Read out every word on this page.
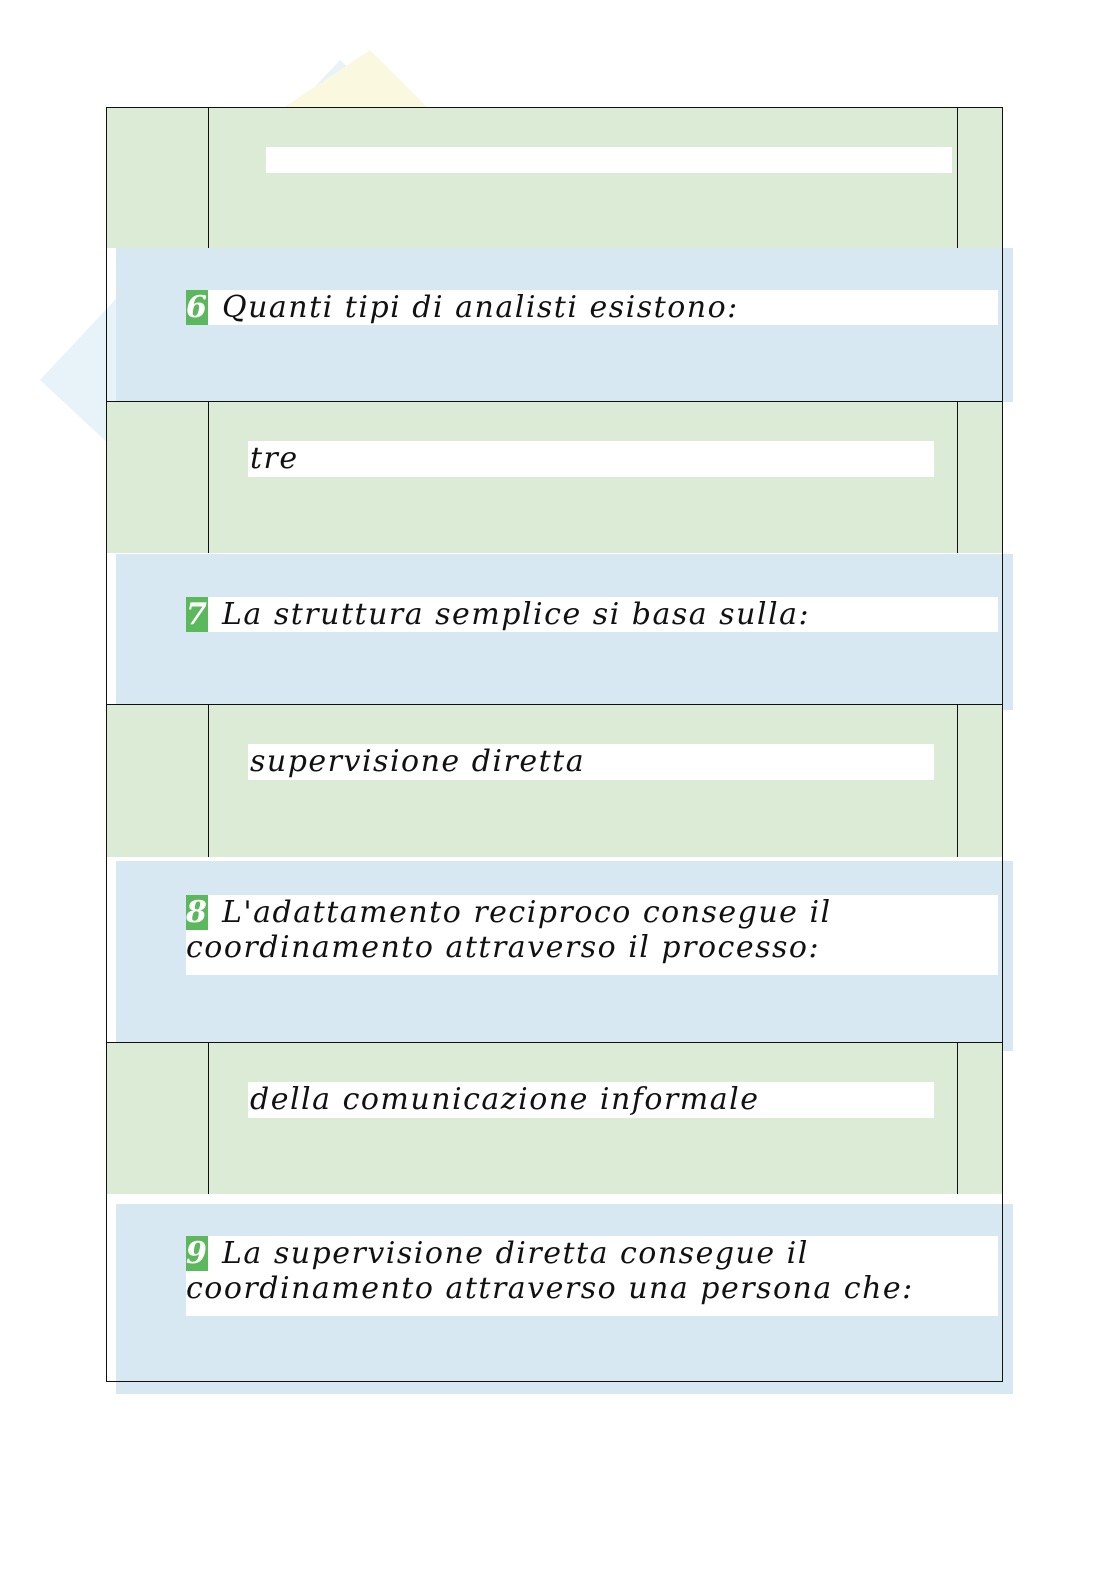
6 Quanti tipi di analisti esistono:
tre
7 La struttura semplice si basa sulla:
supervisione diretta
8 L'adattamento reciproco consegue il
coordinamento attraverso il processo:
della comunicazione informale
9 La supervisione diretta consegue il
coordinamento attraverso una persona che:
